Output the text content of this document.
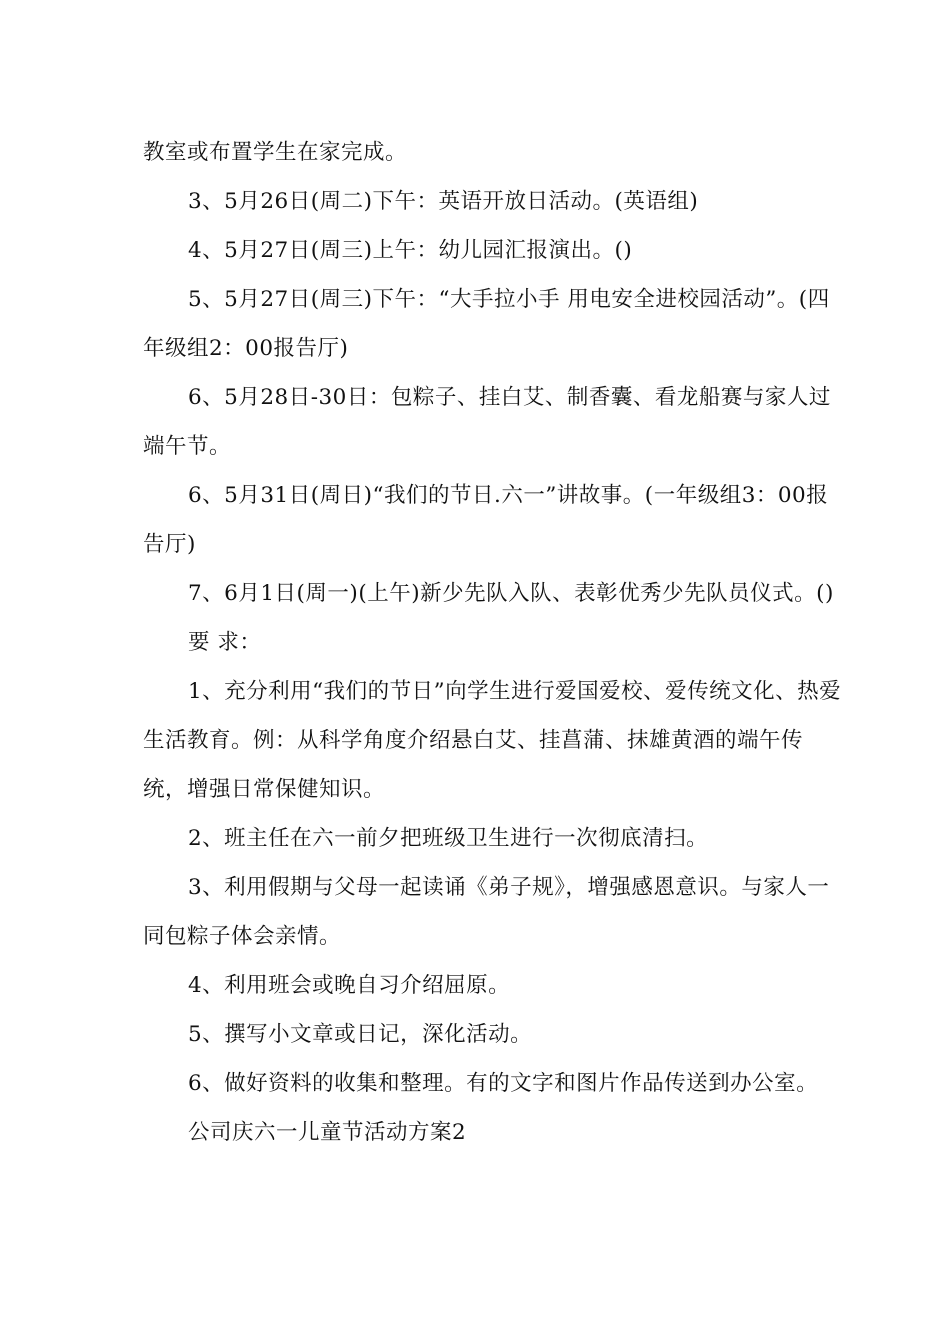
教室或布置学生在家完成。

3、5月26日(周二)下午：英语开放日活动。(英语组)

4、5月27日(周三)上午：幼儿园汇报演出。()

5、5月27日(周三)下午：“大手拉小手 用电安全进校园活动”。(四年级组2：00报告厅)

6、5月28日-30日：包粽子、挂白艾、制香囊、看龙船赛与家人过端午节。

6、5月31日(周日)“我们的节日.六一”讲故事。(一年级组3：00报告厅)

7、6月1日(周一)(上午)新少先队入队、表彰优秀少先队员仪式。()

要 求：

1、充分利用“我们的节日”向学生进行爱国爱校、爱传统文化、热爱生活教育。例：从科学角度介绍悬白艾、挂菖蒲、抹雄黄酒的端午传统，增强日常保健知识。

2、班主任在六一前夕把班级卫生进行一次彻底清扫。

3、利用假期与父母一起读诵《弟子规》，增强感恩意识。与家人一同包粽子体会亲情。

4、利用班会或晚自习介绍屈原。

5、撰写小文章或日记，深化活动。

6、做好资料的收集和整理。有的文字和图片作品传送到办公室。

公司庆六一儿童节活动方案2
